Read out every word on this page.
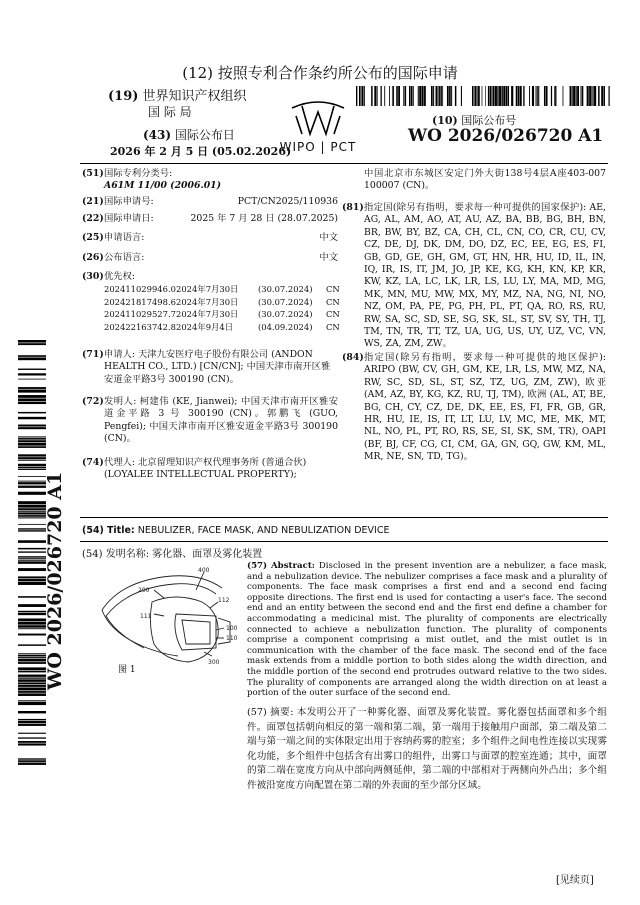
(12) 按照专利合作条约所公布的国际申请
(19) 世界知识产权组织
国 际 局
(43) 国际公布日
2026 年 2 月 5 日 (05.02.2026)
(10) 国际公布号
WO 2026/026720 A1
WIPO | PCT
(51) 国际专利分类号:
A61M 11/00 (2006.01)
(21) 国际申请号:	PCT/CN2025/110936
(22) 国际申请日:	2025 年 7 月 28 日 (28.07.2025)
(25) 申请语言:	中文
(26) 公布语言:	中文
(30) 优先权:
202411029946.0 2024年7月30日	(30.07.2024)	CN
202421817498.6 2024年7月30日	(30.07.2024)	CN
202411029527.7 2024年7月30日	(30.07.2024)	CN
202422163742.8 2024年9月4日	(04.09.2024)	CN
(71) 申请人: 天津九安医疗电子股份有限公司 (ANDON HEALTH CO., LTD.) [CN/CN]; 中国天津市南开区雅安道金平路3号 300190 (CN)。
(72) 发明人: 柯建伟 (KE, Jianwei); 中国天津市南开区雅安道金平路 3 号 300190 (CN)。郭鹏飞 (GUO, Pengfei); 中国天津市南开区雅安道金平路3号 300190 (CN)。
(74) 代理人: 北京留理知识产权代理事务所 (普通合伙) (LOYALEE INTELLECTUAL PROPERTY);
中国北京市东城区安定门外大街138号4层A座403-007 100007 (CN)。
(81) 指定国(除另有指明，要求每一种可提供的国家保护): AE, AG, AL, AM, AO, AT, AU, AZ, BA, BB, BG, BH, BN, BR, BW, BY, BZ, CA, CH, CL, CN, CO, CR, CU, CV, CZ, DE, DJ, DK, DM, DO, DZ, EC, EE, EG, ES, FI, GB, GD, GE, GH, GM, GT, HN, HR, HU, ID, IL, IN, IQ, IR, IS, IT, JM, JO, JP, KE, KG, KH, KN, KP, KR, KW, KZ, LA, LC, LK, LR, LS, LU, LY, MA, MD, MG, MK, MN, MU, MW, MX, MY, MZ, NA, NG, NI, NO, NZ, OM, PA, PE, PG, PH, PL, PT, QA, RO, RS, RU, RW, SA, SC, SD, SE, SG, SK, SL, ST, SV, SY, TH, TJ, TM, TN, TR, TT, TZ, UA, UG, US, UY, UZ, VC, VN, WS, ZA, ZM, ZW。
(84) 指定国(除另有指明，要求每一种可提供的地区保护): ARIPO (BW, CV, GH, GM, KE, LR, LS, MW, MZ, NA, RW, SC, SD, SL, ST, SZ, TZ, UG, ZM, ZW), 欧亚 (AM, AZ, BY, KG, KZ, RU, TJ, TM), 欧洲 (AL, AT, BE, BG, CH, CY, CZ, DE, DK, EE, ES, FI, FR, GB, GR, HR, HU, IE, IS, IT, LT, LU, LV, MC, ME, MK, MT, NL, NO, PL, PT, RO, RS, SE, SI, SK, SM, TR), OAPI (BF, BJ, CF, CG, CI, CM, GA, GN, GQ, GW, KM, ML, MR, NE, SN, TD, TG)。
(54) Title: NEBULIZER, FACE MASK, AND NEBULIZATION DEVICE
(54) 发明名称: 雾化器、面罩及雾化装置
400
200
112
111
100
110
300
图 1
(57) Abstract: Disclosed in the present invention are a nebulizer, a face mask, and a nebulization device. The nebulizer comprises a face mask and a plurality of components. The face mask comprises a first end and a second end facing opposite directions. The first end is used for contacting a user's face. The second end and an entity between the second end and the first end define a chamber for accommodating a medicinal mist. The plurality of components are electrically connected to achieve a nebulization function. The plurality of components comprise a component comprising a mist outlet, and the mist outlet is in communication with the chamber of the face mask. The second end of the face mask extends from a middle portion to both sides along the width direction, and the middle portion of the second end protrudes outward relative to the two sides. The plurality of components are arranged along the width direction on at least a portion of the outer surface of the second end.
(57) 摘要: 本发明公开了一种雾化器、面罩及雾化装置。雾化器包括面罩和多个组件。面罩包括朝向相反的第一端和第二端，第一端用于接触用户面部，第二端及第二端与第一端之间的实体限定出用于容纳药雾的腔室；多个组件之间电性连接以实现雾化功能，多个组件中包括含有出雾口的组件，出雾口与面罩的腔室连通；其中，面罩的第二端在宽度方向从中部向两侧延伸，第二端的中部相对于两侧向外凸出；多个组件被沿宽度方向配置在第二端的外表面的至少部分区域。
WO 2026/026720 A1
[见续页]
